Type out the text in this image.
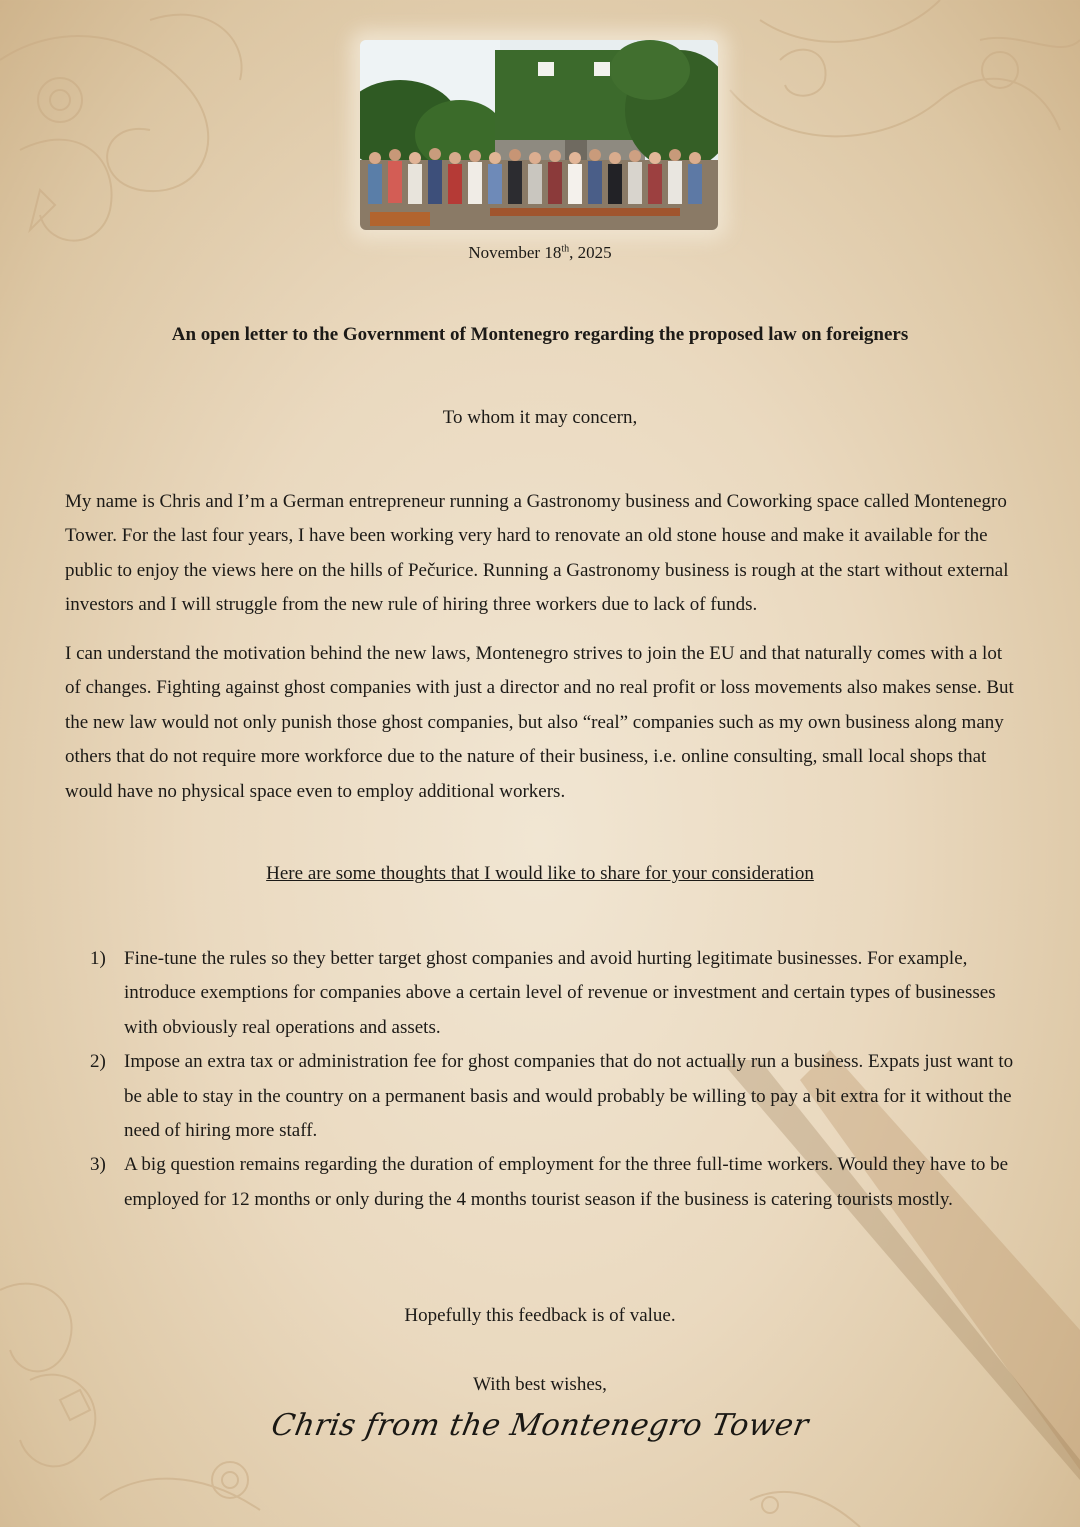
November 18th, 2025
An open letter to the Government of Montenegro regarding the proposed law on foreigners
To whom it may concern,

My name is Chris and I’m a German entrepreneur running a Gastronomy business and Coworking space called Montenegro Tower. For the last four years, I have been working very hard to renovate an old stone house and make it available for the public to enjoy the views here on the hills of Pečurice. Running a Gastronomy business is rough at the start without external investors and I will struggle from the new rule of hiring three workers due to lack of funds.

I can understand the motivation behind the new laws, Montenegro strives to join the EU and that naturally comes with a lot of changes. Fighting against ghost companies with just a director and no real profit or loss movements also makes sense. But the new law would not only punish those ghost companies, but also “real” companies such as my own business along many others that do not require more workforce due to the nature of their business, i.e. online consulting, small local shops that would have no physical space even to employ additional workers.

Here are some thoughts that I would like to share for your consideration
1) Fine-tune the rules so they better target ghost companies and avoid hurting legitimate businesses. For example, introduce exemptions for companies above a certain level of revenue or investment and certain types of businesses with obviously real operations and assets.
2) Impose an extra tax or administration fee for ghost companies that do not actually run a business. Expats just want to be able to stay in the country on a permanent basis and would probably be willing to pay a bit extra for it without the need of hiring more staff.
3) A big question remains regarding the duration of employment for the three full-time workers. Would they have to be employed for 12 months or only during the 4 months tourist season if the business is catering tourists mostly.
Hopefully this feedback is of value.
With best wishes,
Chris from the Montenegro Tower
